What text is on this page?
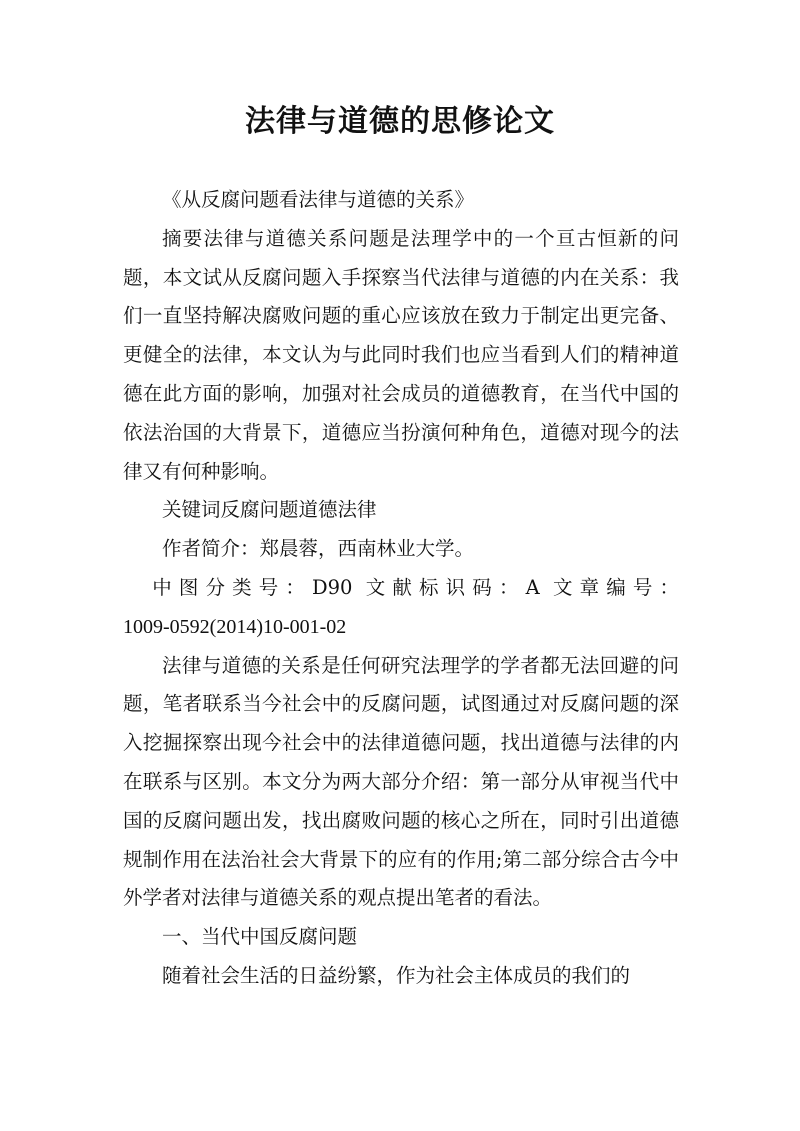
法律与道德的思修论文

《从反腐问题看法律与道德的关系》

摘要法律与道德关系问题是法理学中的一个亘古恒新的问题，本文试从反腐问题入手探察当代法律与道德的内在关系：我们一直坚持解决腐败问题的重心应该放在致力于制定出更完备、更健全的法律，本文认为与此同时我们也应当看到人们的精神道德在此方面的影响，加强对社会成员的道德教育，在当代中国的依法治国的大背景下，道德应当扮演何种角色，道德对现今的法律又有何种影响。

关键词反腐问题道德法律

作者简介：郑晨蓉，西南林业大学。

中图分类号：D90 文献标识码：A 文章编号：

1009-0592(2014)10-001-02

法律与道德的关系是任何研究法理学的学者都无法回避的问题，笔者联系当今社会中的反腐问题，试图通过对反腐问题的深入挖掘探察出现今社会中的法律道德问题，找出道德与法律的内在联系与区别。本文分为两大部分介绍：第一部分从审视当代中国的反腐问题出发，找出腐败问题的核心之所在，同时引出道德规制作用在法治社会大背景下的应有的作用;第二部分综合古今中外学者对法律与道德关系的观点提出笔者的看法。

一、当代中国反腐问题

随着社会生活的日益纷繁，作为社会主体成员的我们的
